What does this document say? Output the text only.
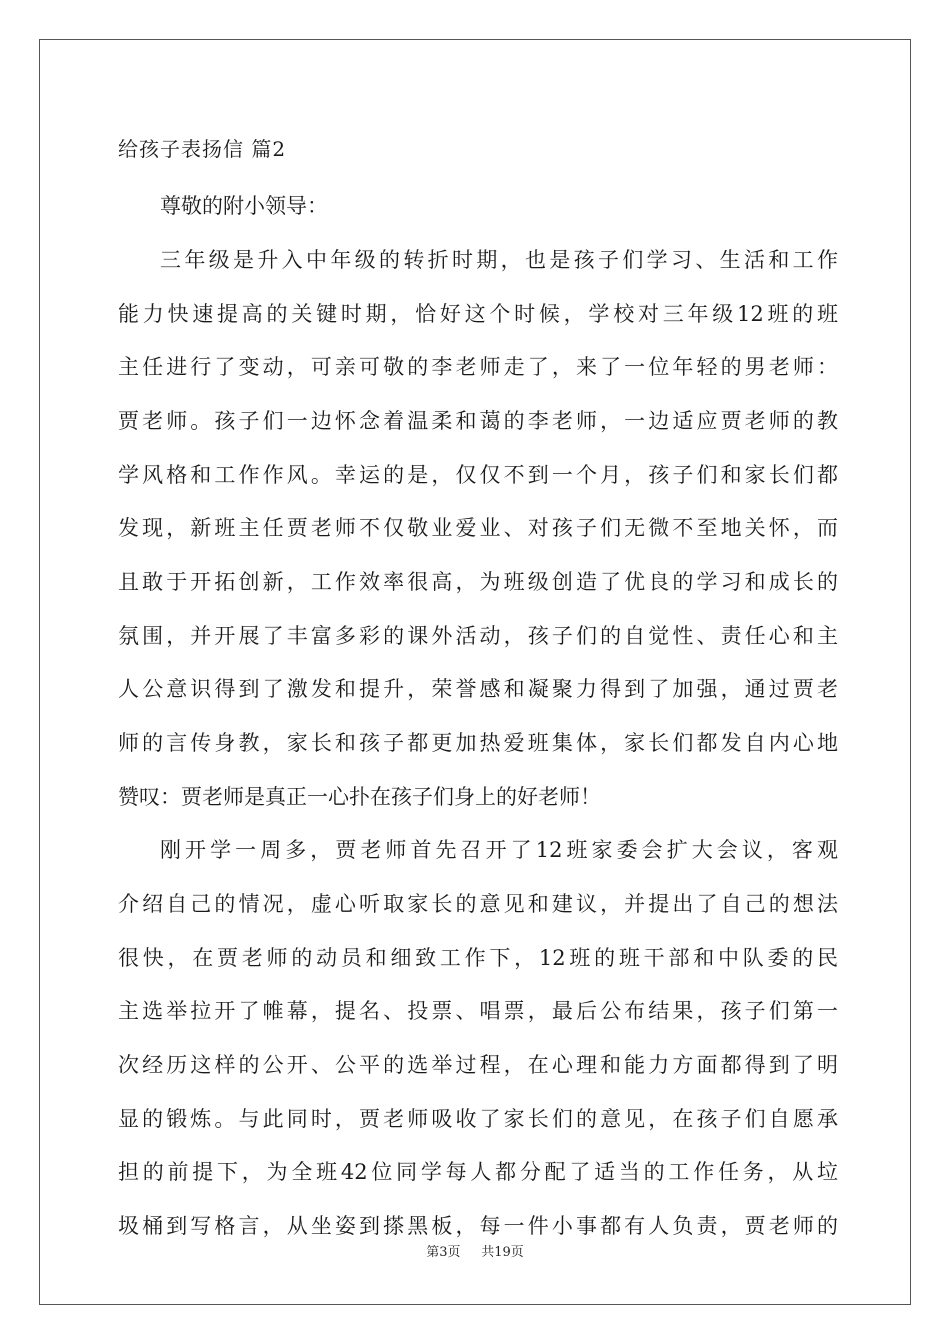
给孩子表扬信 篇2
尊敬的附小领导：
三年级是升入中年级的转折时期，也是孩子们学习、生活和工作
能力快速提高的关键时期，恰好这个时候，学校对三年级12班的班
主任进行了变动，可亲可敬的李老师走了，来了一位年轻的男老师：
贾老师。孩子们一边怀念着温柔和蔼的李老师，一边适应贾老师的教
学风格和工作作风。幸运的是，仅仅不到一个月，孩子们和家长们都
发现，新班主任贾老师不仅敬业爱业、对孩子们无微不至地关怀，而
且敢于开拓创新，工作效率很高，为班级创造了优良的学习和成长的
氛围，并开展了丰富多彩的课外活动，孩子们的自觉性、责任心和主
人公意识得到了激发和提升，荣誉感和凝聚力得到了加强，通过贾老
师的言传身教，家长和孩子都更加热爱班集体，家长们都发自内心地
赞叹：贾老师是真正一心扑在孩子们身上的好老师！
刚开学一周多，贾老师首先召开了12班家委会扩大会议，客观
介绍自己的情况，虚心听取家长的意见和建议，并提出了自己的想法
很快，在贾老师的动员和细致工作下，12班的班干部和中队委的民
主选举拉开了帷幕，提名、投票、唱票，最后公布结果，孩子们第一
次经历这样的公开、公平的选举过程，在心理和能力方面都得到了明
显的锻炼。与此同时，贾老师吸收了家长们的意见，在孩子们自愿承
担的前提下，为全班42位同学每人都分配了适当的工作任务，从垃
圾桶到写格言，从坐姿到搽黑板，每一件小事都有人负责，贾老师的
第3页 共19页
